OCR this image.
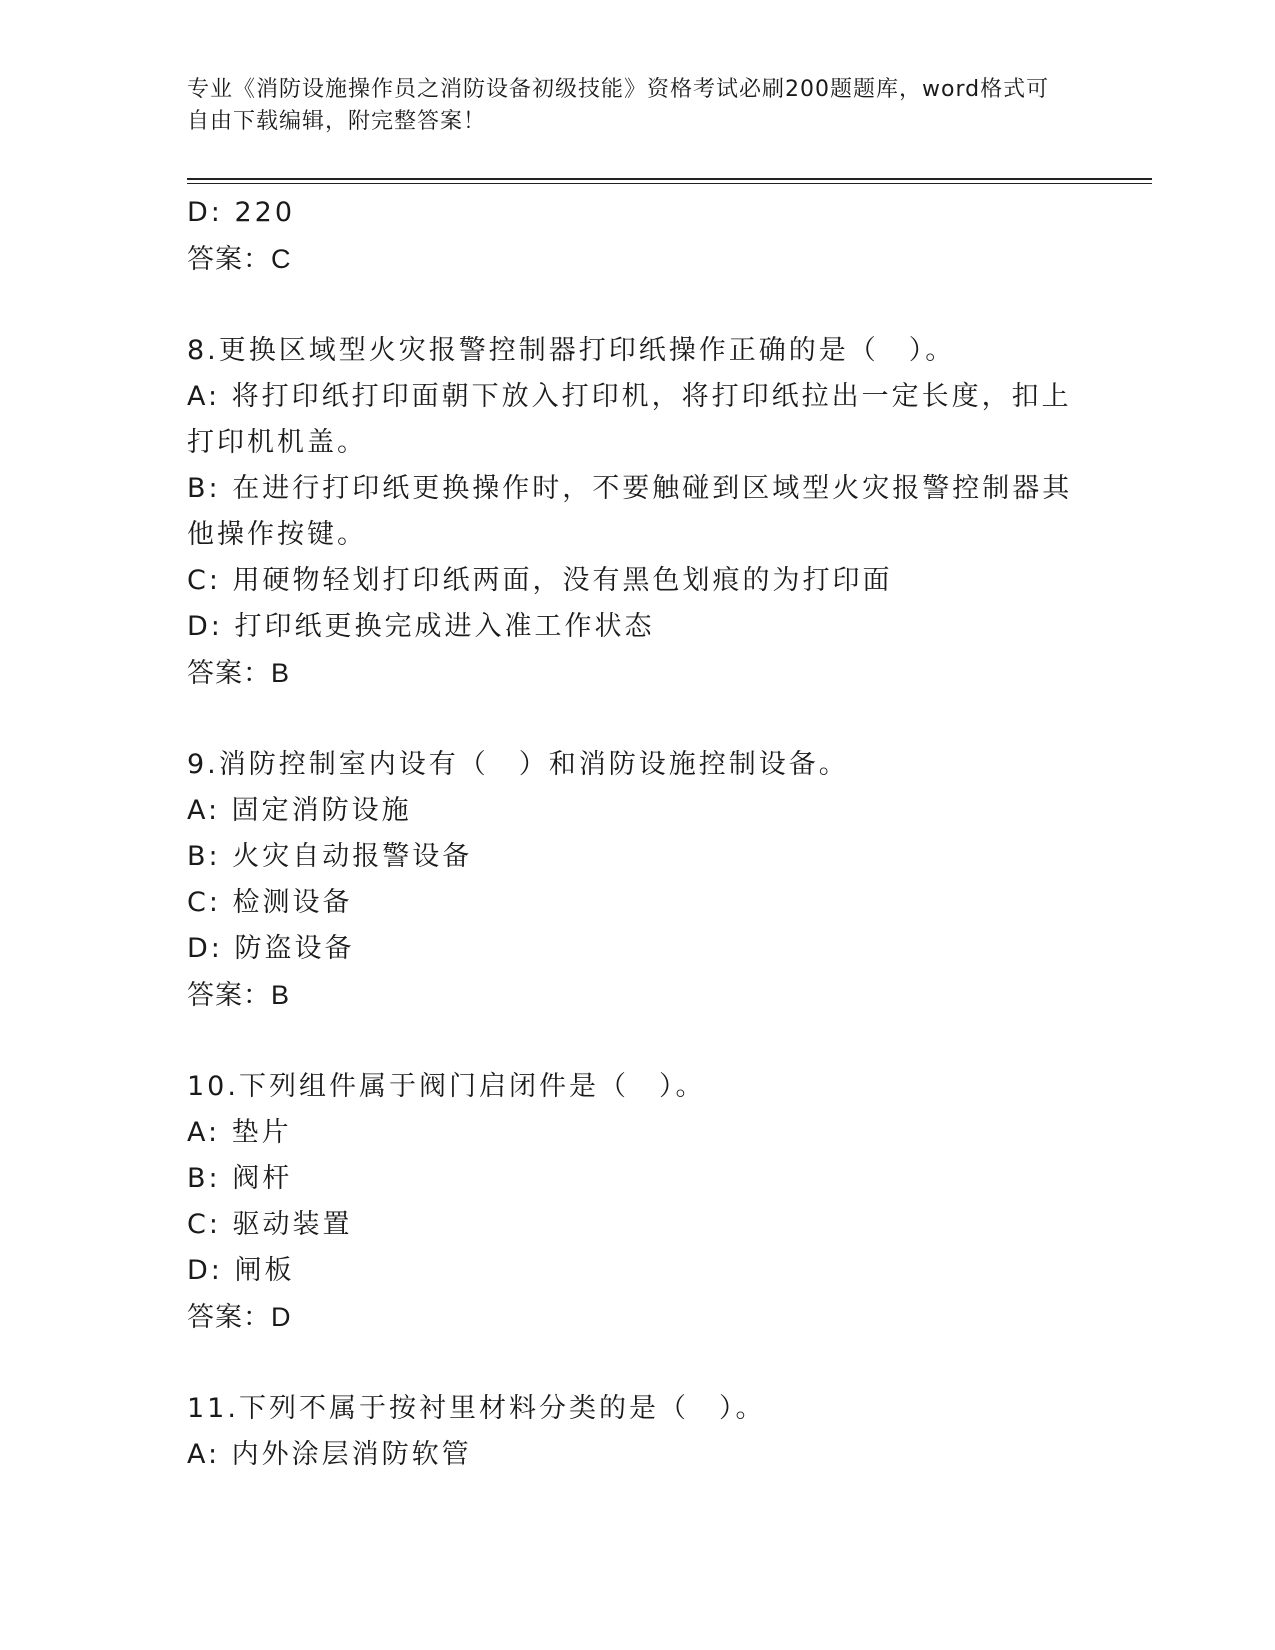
专业《消防设施操作员之消防设备初级技能》资格考试必刷200题题库，word格式可自由下载编辑，附完整答案！
D: 220
答案：C
8.更换区域型火灾报警控制器打印纸操作正确的是（　）。
A: 将打印纸打印面朝下放入打印机，将打印纸拉出一定长度，扣上打印机机盖。
B: 在进行打印纸更换操作时，不要触碰到区域型火灾报警控制器其他操作按键。
C: 用硬物轻划打印纸两面，没有黑色划痕的为打印面
D: 打印纸更换完成进入准工作状态
答案：B
9.消防控制室内设有（　）和消防设施控制设备。
A: 固定消防设施
B: 火灾自动报警设备
C: 检测设备
D: 防盗设备
答案：B
10.下列组件属于阀门启闭件是（　）。
A: 垫片
B: 阀杆
C: 驱动装置
D: 闸板
答案：D
11.下列不属于按衬里材料分类的是（　）。
A: 内外涂层消防软管
